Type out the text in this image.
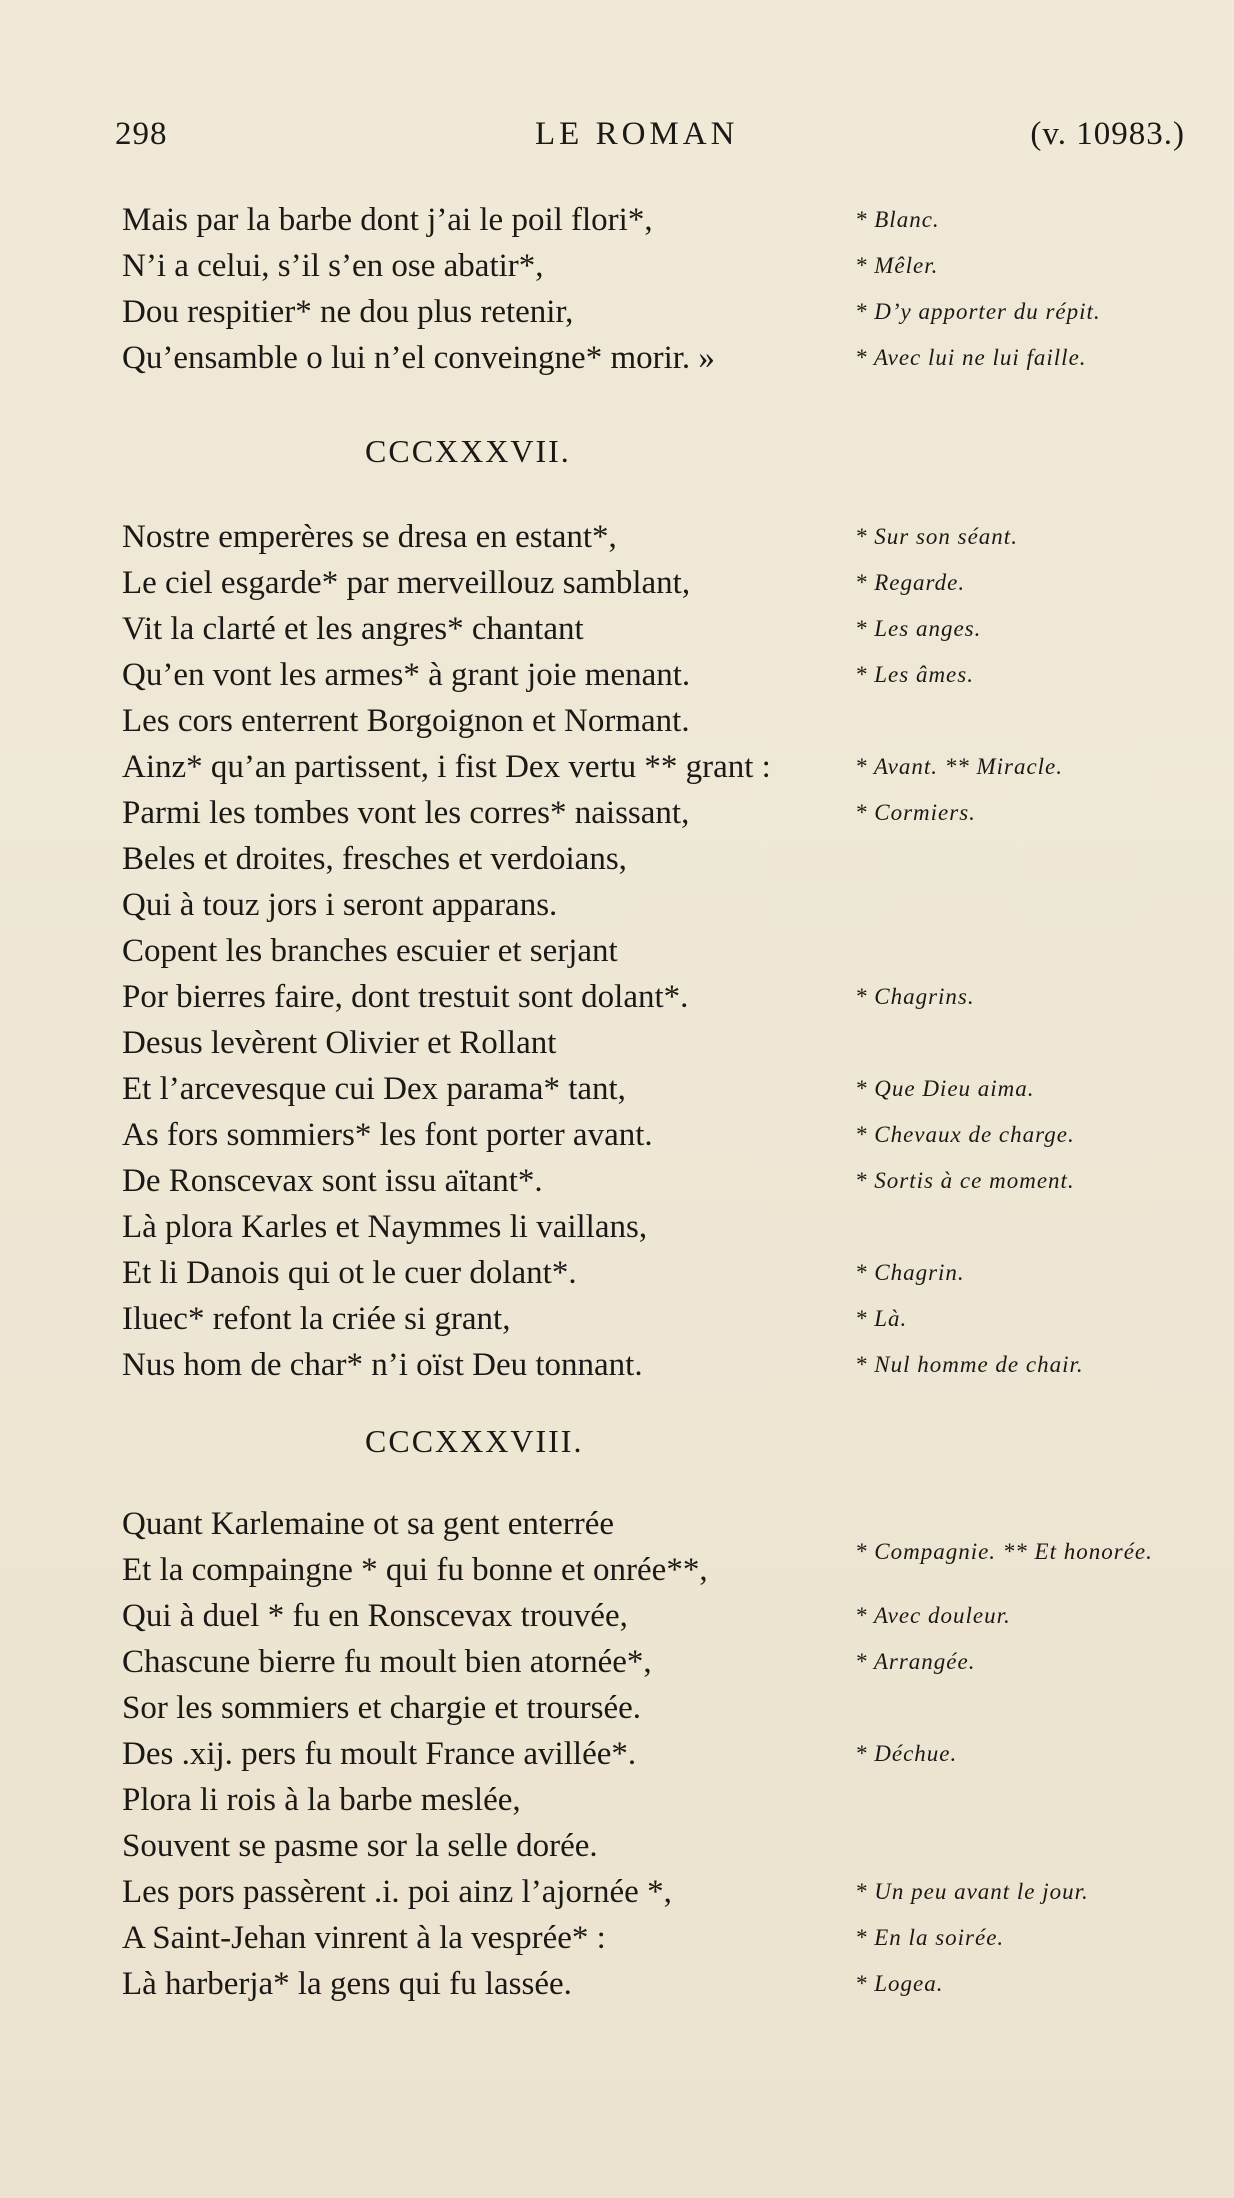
298	LE ROMAN	(v. 10983.)
Mais par la barbe dont j’ai le poil flori*,
N’i a celui, s’il s’en ose abatir*,
Dou respitier* ne dou plus retenir,
Qu’ensamble o lui n’el conveingne* morir. »
* Blanc.
* Mêler.
* D’y apporter du répit.
* Avec lui ne lui faille.
CCCXXXVII.
Nostre emperères se dresa en estant*,
Le ciel esgarde* par merveillouz samblant,
Vit la clarté et les angres* chantant
Qu’en vont les armes* à grant joie menant.
Les cors enterrent Borgoignon et Normant.
Ainz* qu’an partissent, i fist Dex vertu ** grant :
Parmi les tombes vont les corres* naissant,
Beles et droites, fresches et verdoians,
Qui à touz jors i seront apparans.
Copent les branches escuier et serjant
Por bierres faire, dont trestuit sont dolant*.
Desus levèrent Olivier et Rollant
Et l’arcevesque cui Dex parama* tant,
As fors sommiers* les font porter avant.
De Ronscevax sont issu aïtant*.
Là plora Karles et Naymmes li vaillans,
Et li Danois qui ot le cuer dolant*.
Iluec* refont la criée si grant,
Nus hom de char* n’i oïst Deu tonnant.
* Sur son séant.
* Regarde.
* Les anges.
* Les âmes.
* Avant. ** Miracle.
* Cormiers.
* Chagrins.
* Que Dieu aima.
* Chevaux de charge.
* Sortis à ce moment.
* Chagrin.
* Là.
* Nul homme de chair.
CCCXXXVIII.
Quant Karlemaine ot sa gent enterrée
Et la compaingne * qui fu bonne et onrée**,
Qui à duel * fu en Ronscevax trouvée,
Chascune bierre fu moult bien atornée*,
Sor les sommiers et chargie et troursée.
Des .xij. pers fu moult France avillée*.
Plora li rois à la barbe meslée,
Souvent se pasme sor la selle dorée.
Les pors passèrent .i. poi ainz l’ajornée *,
A Saint-Jehan vinrent à la vesprée* :
Là harberja* la gens qui fu lassée.
* Compagnie. ** Et honorée.
* Avec douleur.
* Arrangée.
* Déchue.
* Un peu avant le jour.
* En la soirée.
* Logea.
